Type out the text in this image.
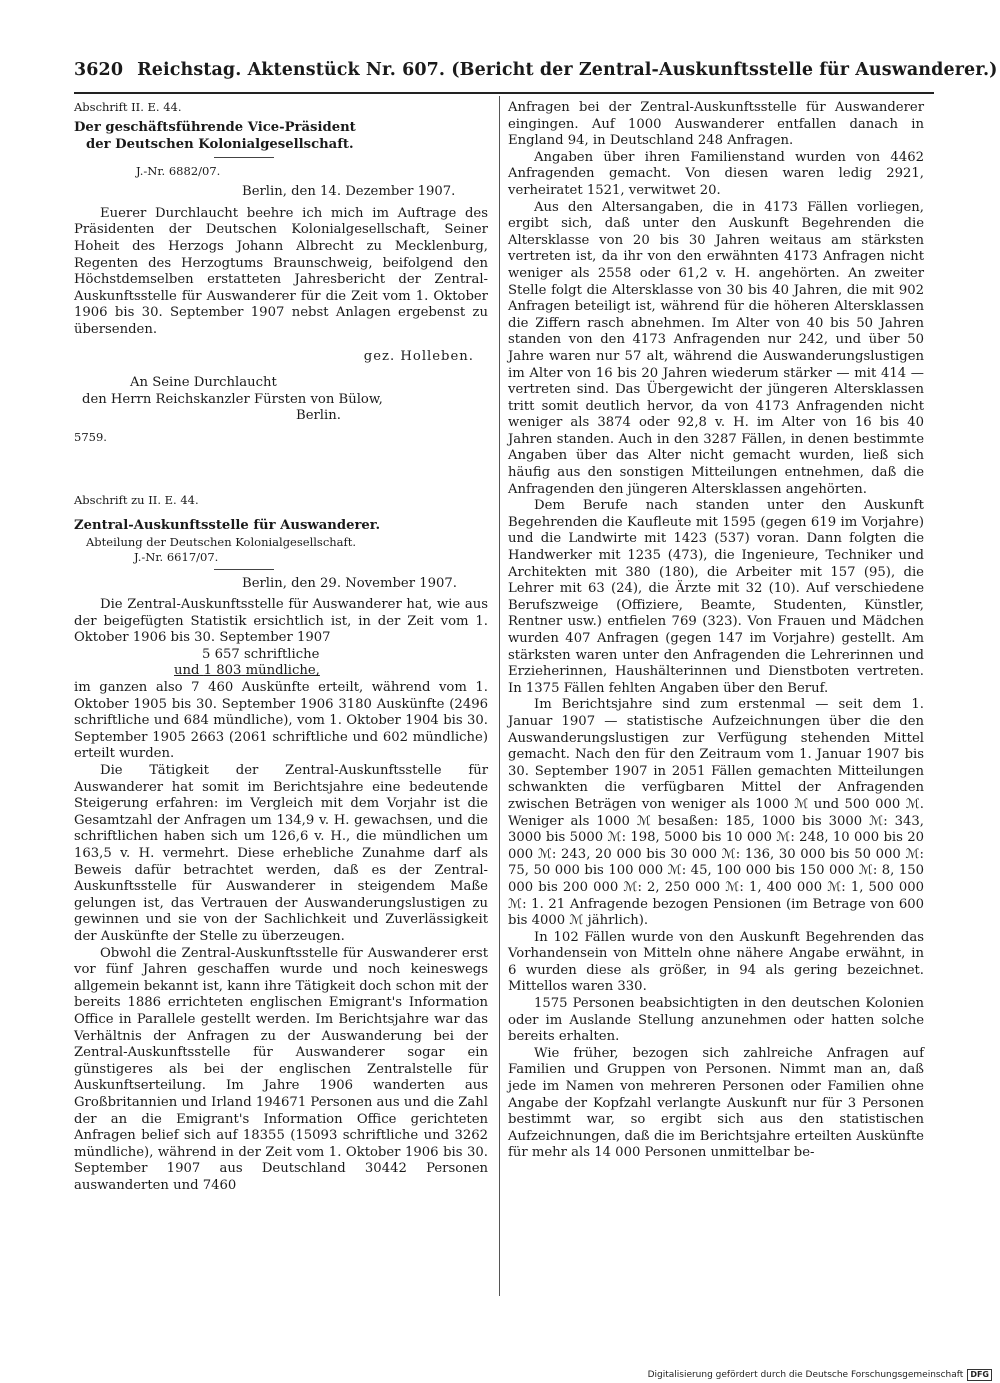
3620 Reichstag. Aktenstück Nr. 607. (Bericht der Zentral-Auskunftsstelle für Auswanderer.)

Abschrift II. E. 44.

Der geschäftsführende Vice-Präsident

der Deutschen Kolonialgesellschaft.

J.-Nr. 6882/07.

Berlin, den 14. Dezember 1907.

Euerer Durchlaucht beehre ich mich im Auftrage des Präsidenten der Deutschen Kolonialgesellschaft, Seiner Hoheit des Herzogs Johann Albrecht zu Mecklenburg, Regenten des Herzogtums Braunschweig, beifolgend den Höchstdemselben erstatteten Jahresbericht der Zentral-Auskunftsstelle für Auswanderer für die Zeit vom 1. Oktober 1906 bis 30. September 1907 nebst Anlagen ergebenst zu übersenden.

gez. Holleben.

An Seine Durchlaucht

den Herrn Reichskanzler Fürsten von Bülow,

Berlin.

5759.

Abschrift zu II. E. 44.

Zentral-Auskunftsstelle für Auswanderer.

Abteilung der Deutschen Kolonialgesellschaft.

J.-Nr. 6617/07.

Berlin, den 29. November 1907.

Die Zentral-Auskunftsstelle für Auswanderer hat, wie aus der beigefügten Statistik ersichtlich ist, in der Zeit vom 1. Oktober 1906 bis 30. September 1907

5 657 schriftliche

und 1 803 mündliche,

im ganzen also 7 460 Auskünfte erteilt, während vom 1. Oktober 1905 bis 30. September 1906 3180 Auskünfte (2496 schriftliche und 684 mündliche), vom 1. Oktober 1904 bis 30. September 1905 2663 (2061 schriftliche und 602 mündliche) erteilt wurden.

Die Tätigkeit der Zentral-Auskunftsstelle für Auswanderer hat somit im Berichtsjahre eine bedeutende Steigerung erfahren: im Vergleich mit dem Vorjahr ist die Gesamtzahl der Anfragen um 134,9 v. H. gewachsen, und die schriftlichen haben sich um 126,6 v. H., die mündlichen um 163,5 v. H. vermehrt. Diese erhebliche Zunahme darf als Beweis dafür betrachtet werden, daß es der Zentral-Auskunftsstelle für Auswanderer in steigendem Maße gelungen ist, das Vertrauen der Auswanderungslustigen zu gewinnen und sie von der Sachlichkeit und Zuverlässigkeit der Auskünfte der Stelle zu überzeugen.

Obwohl die Zentral-Auskunftsstelle für Auswanderer erst vor fünf Jahren geschaffen wurde und noch keineswegs allgemein bekannt ist, kann ihre Tätigkeit doch schon mit der bereits 1886 errichteten englischen Emigrant's Information Office in Parallele gestellt werden. Im Berichtsjahre war das Verhältnis der Anfragen zu der Auswanderung bei der Zentral-Auskunftsstelle für Auswanderer sogar ein günstigeres als bei der englischen Zentralstelle für Auskunftserteilung. Im Jahre 1906 wanderten aus Großbritannien und Irland 194671 Personen aus und die Zahl der an die Emigrant's Information Office gerichteten Anfragen belief sich auf 18355 (15093 schriftliche und 3262 mündliche), während in der Zeit vom 1. Oktober 1906 bis 30. September 1907 aus Deutschland 30442 Personen auswanderten und 7460

Anfragen bei der Zentral-Auskunftsstelle für Auswanderer eingingen. Auf 1000 Auswanderer entfallen danach in England 94, in Deutschland 248 Anfragen.

Angaben über ihren Familienstand wurden von 4462 Anfragenden gemacht. Von diesen waren ledig 2921, verheiratet 1521, verwitwet 20.

Aus den Altersangaben, die in 4173 Fällen vorliegen, ergibt sich, daß unter den Auskunft Begehrenden die Altersklasse von 20 bis 30 Jahren weitaus am stärksten vertreten ist, da ihr von den erwähnten 4173 Anfragen nicht weniger als 2558 oder 61,2 v. H. angehörten. An zweiter Stelle folgt die Altersklasse von 30 bis 40 Jahren, die mit 902 Anfragen beteiligt ist, während für die höheren Altersklassen die Ziffern rasch abnehmen. Im Alter von 40 bis 50 Jahren standen von den 4173 Anfragenden nur 242, und über 50 Jahre waren nur 57 alt, während die Auswanderungslustigen im Alter von 16 bis 20 Jahren wiederum stärker — mit 414 — vertreten sind. Das Übergewicht der jüngeren Altersklassen tritt somit deutlich hervor, da von 4173 Anfragenden nicht weniger als 3874 oder 92,8 v. H. im Alter von 16 bis 40 Jahren standen. Auch in den 3287 Fällen, in denen bestimmte Angaben über das Alter nicht gemacht wurden, ließ sich häufig aus den sonstigen Mitteilungen entnehmen, daß die Anfragenden den jüngeren Altersklassen angehörten.

Dem Berufe nach standen unter den Auskunft Begehrenden die Kaufleute mit 1595 (gegen 619 im Vorjahre) und die Landwirte mit 1423 (537) voran. Dann folgten die Handwerker mit 1235 (473), die Ingenieure, Techniker und Architekten mit 380 (180), die Arbeiter mit 157 (95), die Lehrer mit 63 (24), die Ärzte mit 32 (10). Auf verschiedene Berufszweige (Offiziere, Beamte, Studenten, Künstler, Rentner usw.) entfielen 769 (323). Von Frauen und Mädchen wurden 407 Anfragen (gegen 147 im Vorjahre) gestellt. Am stärksten waren unter den Anfragenden die Lehrerinnen und Erzieherinnen, Haushälterinnen und Dienstboten vertreten. In 1375 Fällen fehlten Angaben über den Beruf.

Im Berichtsjahre sind zum erstenmal — seit dem 1. Januar 1907 — statistische Aufzeichnungen über die den Auswanderungslustigen zur Verfügung stehenden Mittel gemacht. Nach den für den Zeitraum vom 1. Januar 1907 bis 30. September 1907 in 2051 Fällen gemachten Mitteilungen schwankten die verfügbaren Mittel der Anfragenden zwischen Beträgen von weniger als 1000 ℳ und 500 000 ℳ. Weniger als 1000 ℳ besaßen: 185, 1000 bis 3000 ℳ: 343, 3000 bis 5000 ℳ: 198, 5000 bis 10 000 ℳ: 248, 10 000 bis 20 000 ℳ: 243, 20 000 bis 30 000 ℳ: 136, 30 000 bis 50 000 ℳ: 75, 50 000 bis 100 000 ℳ: 45, 100 000 bis 150 000 ℳ: 8, 150 000 bis 200 000 ℳ: 2, 250 000 ℳ: 1, 400 000 ℳ: 1, 500 000 ℳ: 1. 21 Anfragende bezogen Pensionen (im Betrage von 600 bis 4000 ℳ jährlich).

In 102 Fällen wurde von den Auskunft Begehrenden das Vorhandensein von Mitteln ohne nähere Angabe erwähnt, in 6 wurden diese als größer, in 94 als gering bezeichnet. Mittellos waren 330.

1575 Personen beabsichtigten in den deutschen Kolonien oder im Auslande Stellung anzunehmen oder hatten solche bereits erhalten.

Wie früher, bezogen sich zahlreiche Anfragen auf Familien und Gruppen von Personen. Nimmt man an, daß jede im Namen von mehreren Personen oder Familien ohne Angabe der Kopfzahl verlangte Auskunft nur für 3 Personen bestimmt war, so ergibt sich aus den statistischen Aufzeichnungen, daß die im Berichtsjahre erteilten Auskünfte für mehr als 14 000 Personen unmittelbar be-

Digitalisierung gefördert durch die Deutsche Forschungsgemeinschaft DFG
